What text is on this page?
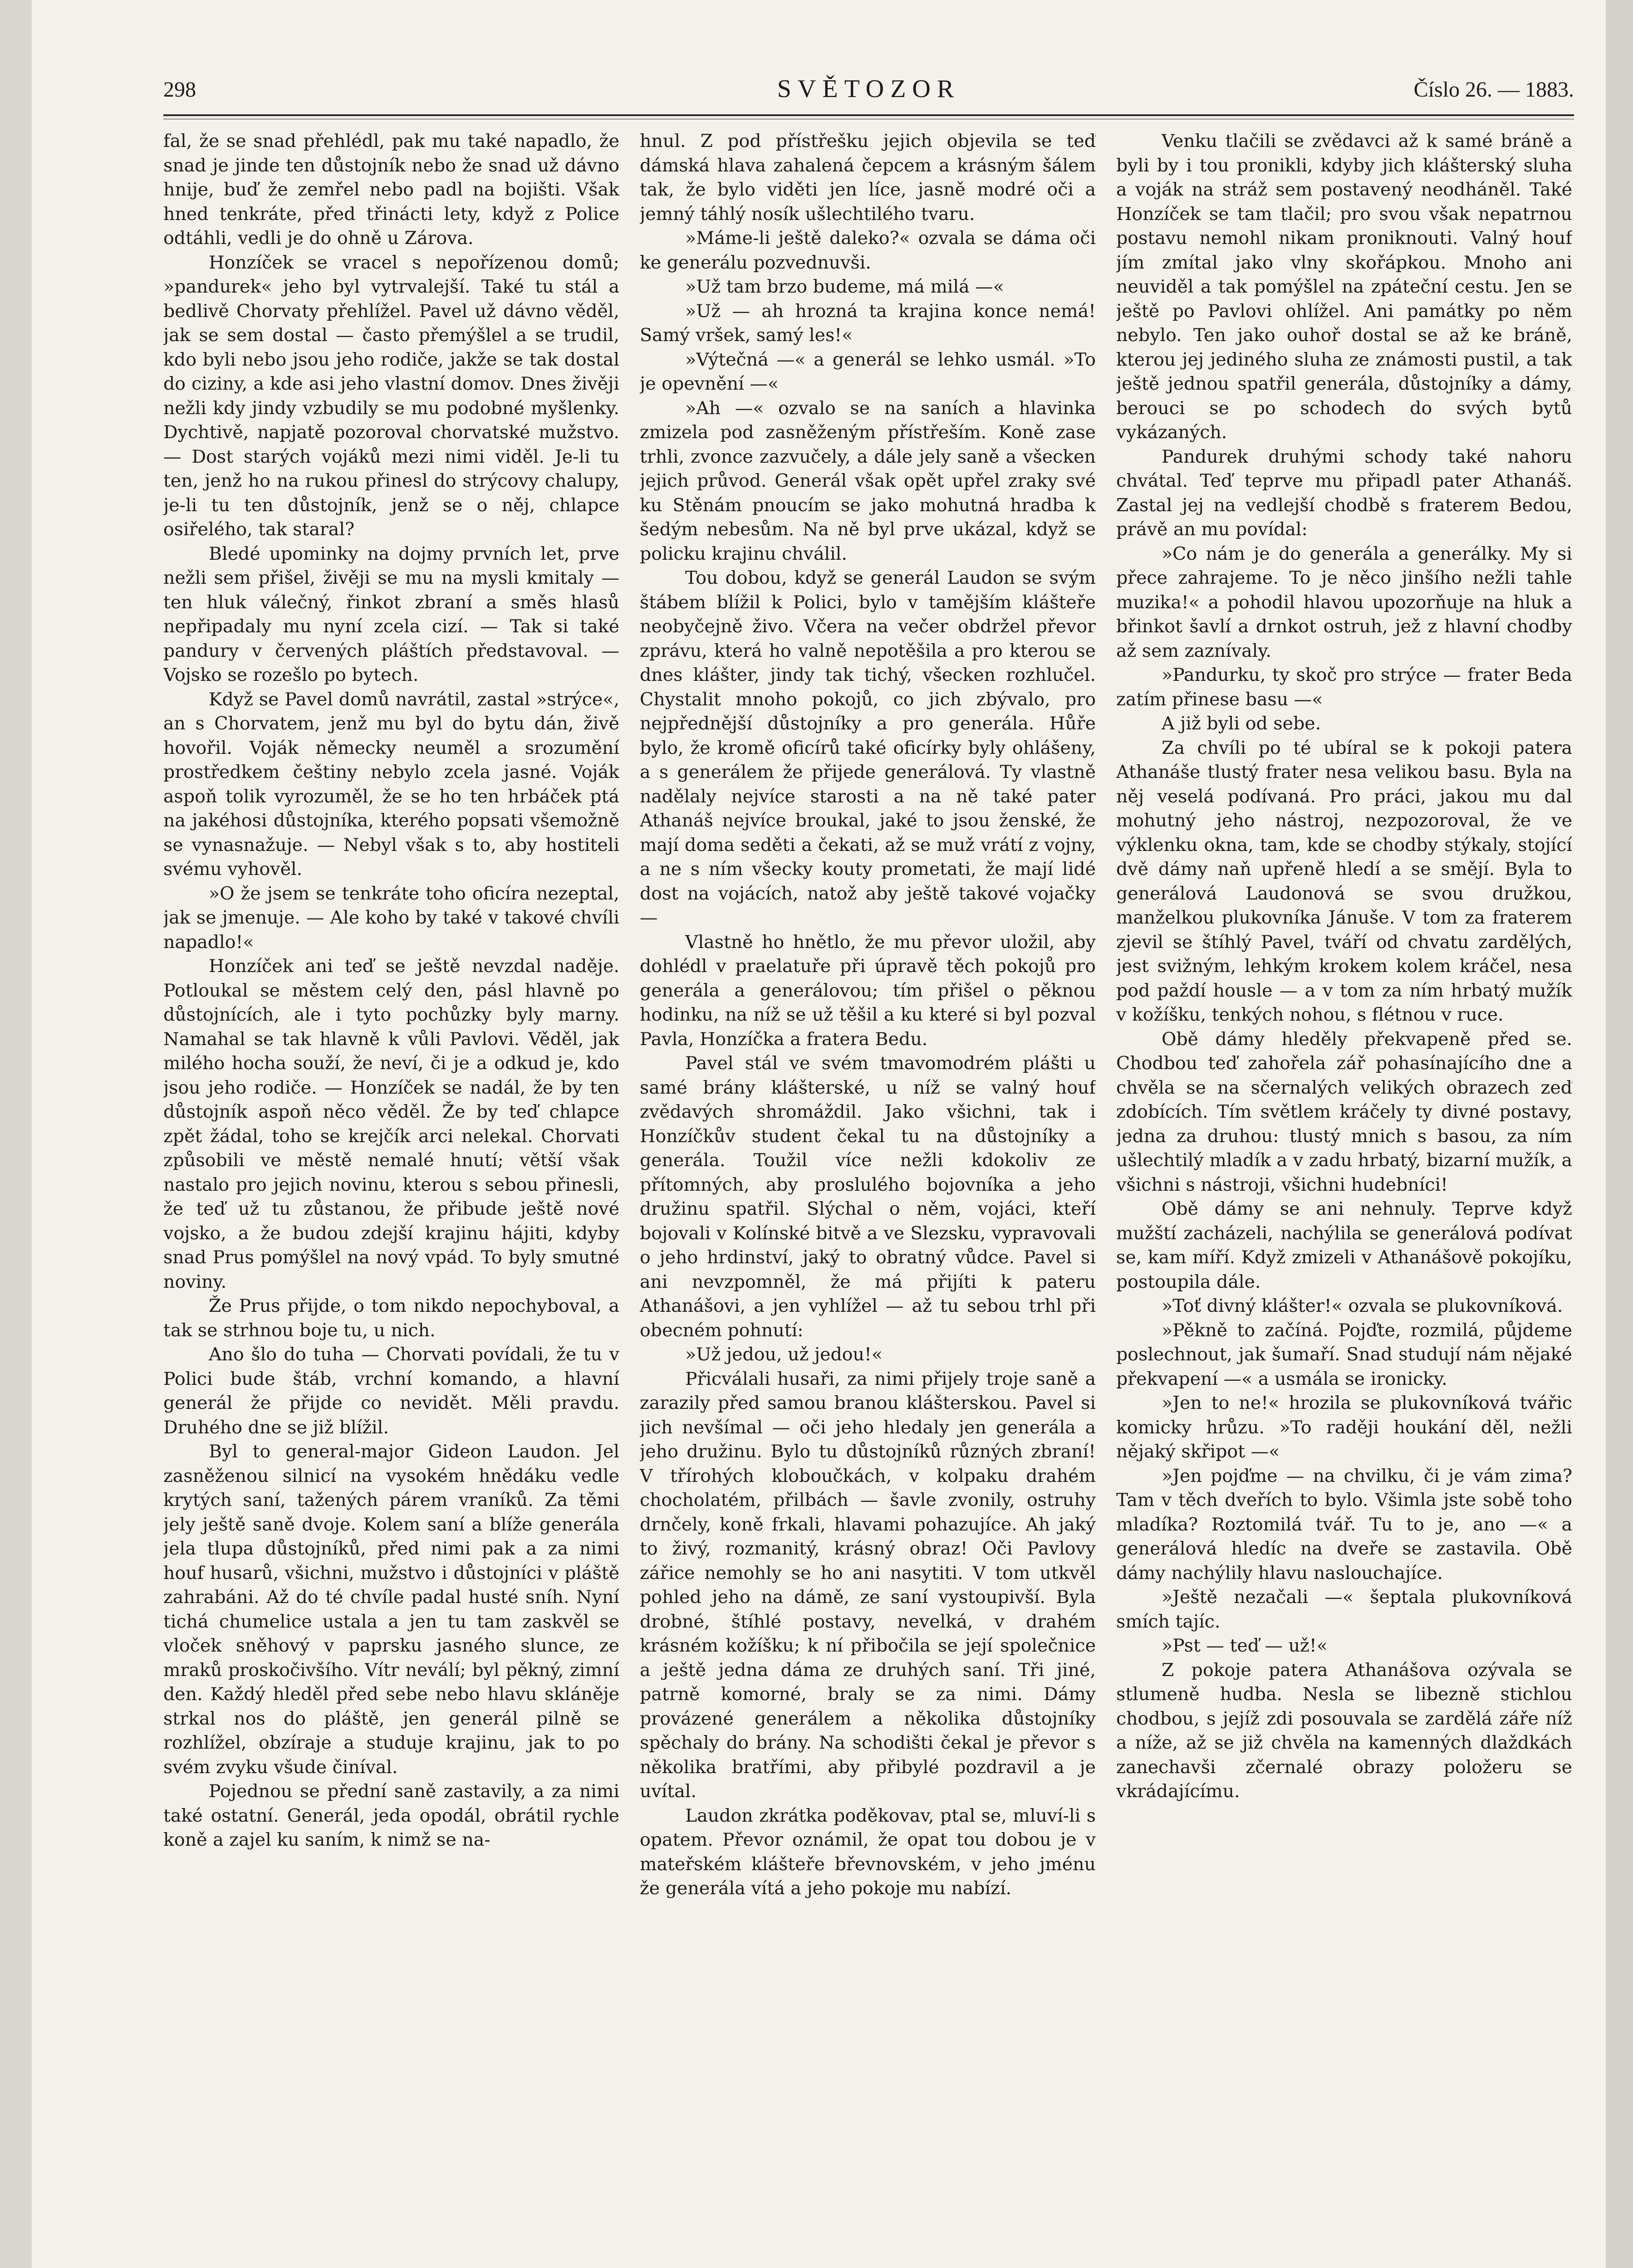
298	SVĚTOZOR	Číslo 26. — 1883.

fal, že se snad přehlédl, pak mu také napadlo, že snad je jinde ten důstojník nebo že snad už dávno hnije, buď že zemřel nebo padl na bojišti. Však hned tenkráte, před třinácti lety, když z Police odtáhli, vedli je do ohně u Zárova.

Honzíček se vracel s nepořízenou domů; »pandurek« jeho byl vytrvalejší. Také tu stál a bedlivě Chorvaty přehlížel. Pavel už dávno věděl, jak se sem dostal — často přemýšlel a se trudil, kdo byli nebo jsou jeho rodiče, jakže se tak dostal do ciziny, a kde asi jeho vlastní domov. Dnes živěji nežli kdy jindy vzbudily se mu podobné myšlenky. Dychtivě, napjatě pozoroval chorvatské mužstvo. — Dost starých vojáků mezi nimi viděl. Je-li tu ten, jenž ho na rukou přinesl do strýcovy chalupy, je-li tu ten důstojník, jenž se o něj, chlapce osiřelého, tak staral?

Bledé upominky na dojmy prvních let, prve nežli sem přišel, živěji se mu na mysli kmitaly — ten hluk válečný, řinkot zbraní a směs hlasů nepřipadaly mu nyní zcela cizí. — Tak si také pandury v červených pláštích představoval. — Vojsko se rozešlo po bytech.

Když se Pavel domů navrátil, zastal »strýce«, an s Chorvatem, jenž mu byl do bytu dán, živě hovořil. Voják německy neuměl a srozumění prostředkem češtiny nebylo zcela jasné. Voják aspoň tolik vyrozuměl, že se ho ten hrbáček ptá na jakéhosi důstojníka, kterého popsati všemožně se vynasnažuje. — Nebyl však s to, aby hostiteli svému vyhověl.

»O že jsem se tenkráte toho oficíra nezeptal, jak se jmenuje. — Ale koho by také v takové chvíli napadlo!«

Honzíček ani teď se ještě nevzdal naděje. Potloukal se městem celý den, pásl hlavně po důstojnících, ale i tyto pochůzky byly marny. Namahal se tak hlavně k vůli Pavlovi. Věděl, jak milého hocha souží, že neví, či je a odkud je, kdo jsou jeho rodiče. — Honzíček se nadál, že by ten důstojník aspoň něco věděl. Že by teď chlapce zpět žádal, toho se krejčík arci nelekal. Chorvati způsobili ve městě nemalé hnutí; větší však nastalo pro jejich novinu, kterou s sebou přinesli, že teď už tu zůstanou, že přibude ještě nové vojsko, a že budou zdejší krajinu hájiti, kdyby snad Prus pomýšlel na nový vpád. To byly smutné noviny.

Že Prus přijde, o tom nikdo nepochyboval, a tak se strhnou boje tu, u nich.

Ano šlo do tuha — Chorvati povídali, že tu v Polici bude štáb, vrchní komando, a hlavní generál že přijde co nevidět. Měli pravdu. Druhého dne se již blížil.

Byl to general-major Gideon Laudon. Jel zasněženou silnicí na vysokém hnědáku vedle krytých saní, tažených párem vraníků. Za těmi jely ještě saně dvoje. Kolem saní a blíže generála jela tlupa důstojníků, před nimi pak a za nimi houf husarů, všichni, mužstvo i důstojníci v pláště zahrabáni. Až do té chvíle padal husté sníh. Nyní tichá chumelice ustala a jen tu tam zaskvěl se vloček sněhový v paprsku jasného slunce, ze mraků proskočivšího. Vítr neválí; byl pěkný, zimní den. Každý hleděl před sebe nebo hlavu skláněje strkal nos do pláště, jen generál pilně se rozhlížel, obzíraje a studuje krajinu, jak to po svém zvyku všude činíval.

Pojednou se přední saně zastavily, a za nimi také ostatní. Generál, jeda opodál, obrátil rychle koně a zajel ku saním, k nimž se na-

hnul. Z pod přístřešku jejich objevila se teď dámská hlava zahalená čepcem a krásným šálem tak, že bylo viděti jen líce, jasně modré oči a jemný táhlý nosík ušlechtilého tvaru.

»Máme-li ještě daleko?« ozvala se dáma oči ke generálu pozvednuvši.

»Už tam brzo budeme, má milá —«

»Už — ah hrozná ta krajina konce nemá! Samý vršek, samý les!«

»Výtečná —« a generál se lehko usmál. »To je opevnění —«

»Ah —« ozvalo se na saních a hlavinka zmizela pod zasněženým přístřeším. Koně zase trhli, zvonce zazvučely, a dále jely saně a všecken jejich průvod. Generál však opět upřel zraky své ku Stěnám pnoucím se jako mohutná hradba k šedým nebesům. Na ně byl prve ukázal, když se policku krajinu chválil.

Tou dobou, když se generál Laudon se svým štábem blížil k Polici, bylo v tamějším klášteře neobyčejně živo. Včera na večer obdržel převor zprávu, která ho valně nepotěšila a pro kterou se dnes klášter, jindy tak tichý, všecken rozhlučel. Chystalit mnoho pokojů, co jich zbývalo, pro nejpřednější důstojníky a pro generála. Hůře bylo, že kromě oficírů také oficírky byly ohlášeny, a s generálem že přijede generálová. Ty vlastně nadělaly nejvíce starosti a na ně také pater Athanáš nejvíce broukal, jaké to jsou ženské, že mají doma seděti a čekati, až se muž vrátí z vojny, a ne s ním všecky kouty prometati, že mají lidé dost na vojácích, natož aby ještě takové vojačky —

Vlastně ho hnětlo, že mu převor uložil, aby dohlédl v praelatuře při úpravě těch pokojů pro generála a generálovou; tím přišel o pěknou hodinku, na níž se už těšil a ku které si byl pozval Pavla, Honzíčka a fratera Bedu.

Pavel stál ve svém tmavomodrém plášti u samé brány klášterské, u níž se valný houf zvědavých shromáždil. Jako všichni, tak i Honzíčkův student čekal tu na důstojníky a generála. Toužil více nežli kdokoliv ze přítomných, aby proslulého bojovníka a jeho družinu spatřil. Slýchal o něm, vojáci, kteří bojovali v Kolínské bitvě a ve Slezsku, vypravovali o jeho hrdinství, jaký to obratný vůdce. Pavel si ani nevzpomněl, že má přijíti k pateru Athanášovi, a jen vyhlížel — až tu sebou trhl při obecném pohnutí:

»Už jedou, už jedou!«

Přicválali husaři, za nimi přijely troje saně a zarazily před samou branou klášterskou. Pavel si jich nevšímal — oči jeho hledaly jen generála a jeho družinu. Bylo tu důstojníků různých zbraní! V třírohých kloboučkách, v kolpaku drahém chocholatém, přilbách — šavle zvonily, ostruhy drnčely, koně frkali, hlavami pohazujíce. Ah jaký to živý, rozmanitý, krásný obraz! Oči Pavlovy zářice nemohly se ho ani nasytiti. V tom utkvěl pohled jeho na dámě, ze saní vystoupivší. Byla drobné, štíhlé postavy, nevelká, v drahém krásném kožíšku; k ní přibočila se její společnice a ještě jedna dáma ze druhých saní. Tři jiné, patrně komorné, braly se za nimi. Dámy provázené generálem a několika důstojníky spěchaly do brány. Na schodišti čekal je převor s několika bratřími, aby přibylé pozdravil a je uvítal.

Laudon zkrátka poděkovav, ptal se, mluví-li s opatem. Převor oznámil, že opat tou dobou je v mateřském klášteře břevnovském, v jeho jménu že generála vítá a jeho pokoje mu nabízí.

Venku tlačili se zvědavci až k samé bráně a byli by i tou pronikli, kdyby jich klášterský sluha a voják na stráž sem postavený neodháněl. Také Honzíček se tam tlačil; pro svou však nepatrnou postavu nemohl nikam proniknouti. Valný houf jím zmítal jako vlny skořápkou. Mnoho ani neuviděl a tak pomýšlel na zpáteční cestu. Jen se ještě po Pavlovi ohlížel. Ani památky po něm nebylo. Ten jako ouhoř dostal se až ke bráně, kterou jej jediného sluha ze známosti pustil, a tak ještě jednou spatřil generála, důstojníky a dámy, berouci se po schodech do svých bytů vykázaných.

Pandurek druhými schody také nahoru chvátal. Teď teprve mu připadl pater Athanáš. Zastal jej na vedlejší chodbě s fraterem Bedou, právě an mu povídal:

»Co nám je do generála a generálky. My si přece zahrajeme. To je něco jinšího nežli tahle muzika!« a pohodil hlavou upozorňuje na hluk a břinkot šavlí a drnkot ostruh, jež z hlavní chodby až sem zaznívaly.

»Pandurku, ty skoč pro strýce — frater Beda zatím přinese basu —«

A již byli od sebe.

Za chvíli po té ubíral se k pokoji patera Athanáše tlustý frater nesa velikou basu. Byla na něj veselá podívaná. Pro práci, jakou mu dal mohutný jeho nástroj, nezpozoroval, že ve výklenku okna, tam, kde se chodby stýkaly, stojící dvě dámy naň upřeně hledí a se smějí. Byla to generálová Laudonová se svou družkou, manželkou plukovníka Jánuše. V tom za fraterem zjevil se štíhlý Pavel, tváří od chvatu zardělých, jest svižným, lehkým krokem kolem kráčel, nesa pod paždí housle — a v tom za ním hrbatý mužík v kožíšku, tenkých nohou, s flétnou v ruce.

Obě dámy hleděly překvapeně před se. Chodbou teď zahořela zář pohasínajícího dne a chvěla se na sčernalých velikých obrazech zeď zdobících. Tím světlem kráčely ty divné postavy, jedna za druhou: tlustý mnich s basou, za ním ušlechtilý mladík a v zadu hrbatý, bizarní mužík, a všichni s nástroji, všichni hudebníci!

Obě dámy se ani nehnuly. Teprve když mužští zacházeli, nachýlila se generálová podívat se, kam míří. Když zmizeli v Athanášově pokojíku, postoupila dále.

»Toť divný klášter!« ozvala se plukovníková.

»Pěkně to začíná. Pojďte, rozmilá, půjdeme poslechnout, jak šumaří. Snad studují nám nějaké překvapení —« a usmála se ironicky.

»Jen to ne!« hrozila se plukovníková tvářic komicky hrůzu. »To raději houkání děl, nežli nějaký skřipot —«

»Jen pojďme — na chvilku, či je vám zima? Tam v těch dveřích to bylo. Všimla jste sobě toho mladíka? Roztomilá tvář. Tu to je, ano —« a generálová hledíc na dveře se zastavila. Obě dámy nachýlily hlavu naslouchajíce.

»Ještě nezačali —« šeptala plukovníková smích tajíc.

»Pst — teď — už!«

Z pokoje patera Athanášova ozývala se stlumeně hudba. Nesla se libezně stichlou chodbou, s jejíž zdi posouvala se zardělá záře níž a níže, až se již chvěla na kamenných dlaždkách zanechavši zčernalé obrazy položeru se vkrádajícímu.
